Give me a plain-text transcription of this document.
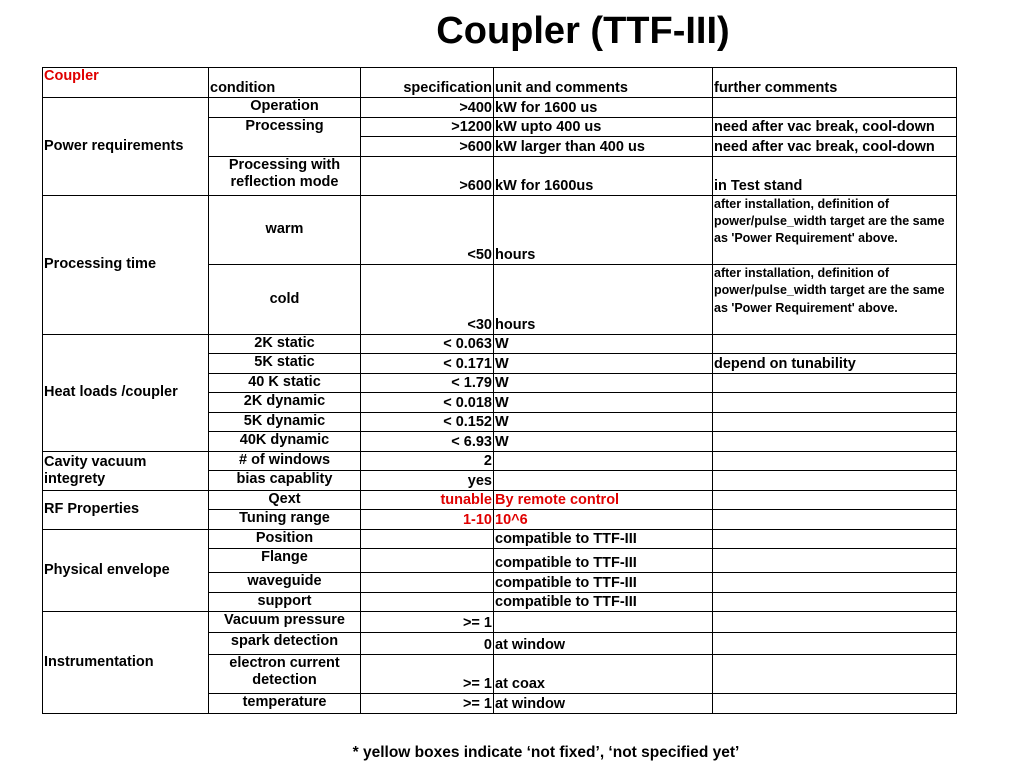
Coupler (TTF-III)
Coupler	condition	specification	unit and comments	further comments
Power requirements	Operation	>400	kW for 1600 us	
	Processing	>1200	kW upto 400 us	need after vac break, cool-down
		>600	kW larger than 400 us	need after vac break, cool-down
	Processing with reflection mode	>600	kW for 1600us	in Test stand
Processing time	warm	<50	hours	after installation, definition of power/pulse_width target are the same as 'Power Requirement' above.
	cold	<30	hours	after installation, definition of power/pulse_width target are the same as 'Power Requirement' above.
Heat loads /coupler	2K static	< 0.063	W	
	5K static	< 0.171	W	depend on tunability
	40 K static	< 1.79	W	
	2K dynamic	< 0.018	W	
	5K dynamic	< 0.152	W	
	40K dynamic	< 6.93	W	
Cavity vacuum integrety	# of windows	2		
	bias capablity	yes		
RF Properties	Qext	tunable	By remote control	
	Tuning range	1-10	10^6	
Physical envelope	Position		compatible to TTF-III	
	Flange		compatible to TTF-III	
	waveguide		compatible to TTF-III	
	support		compatible to TTF-III	
Instrumentation	Vacuum pressure	>= 1		
	spark detection	0	at window	
	electron current detection	>= 1	at coax	
	temperature	>= 1	at window	
* yellow boxes indicate ‘not fixed’, ‘not specified yet’
